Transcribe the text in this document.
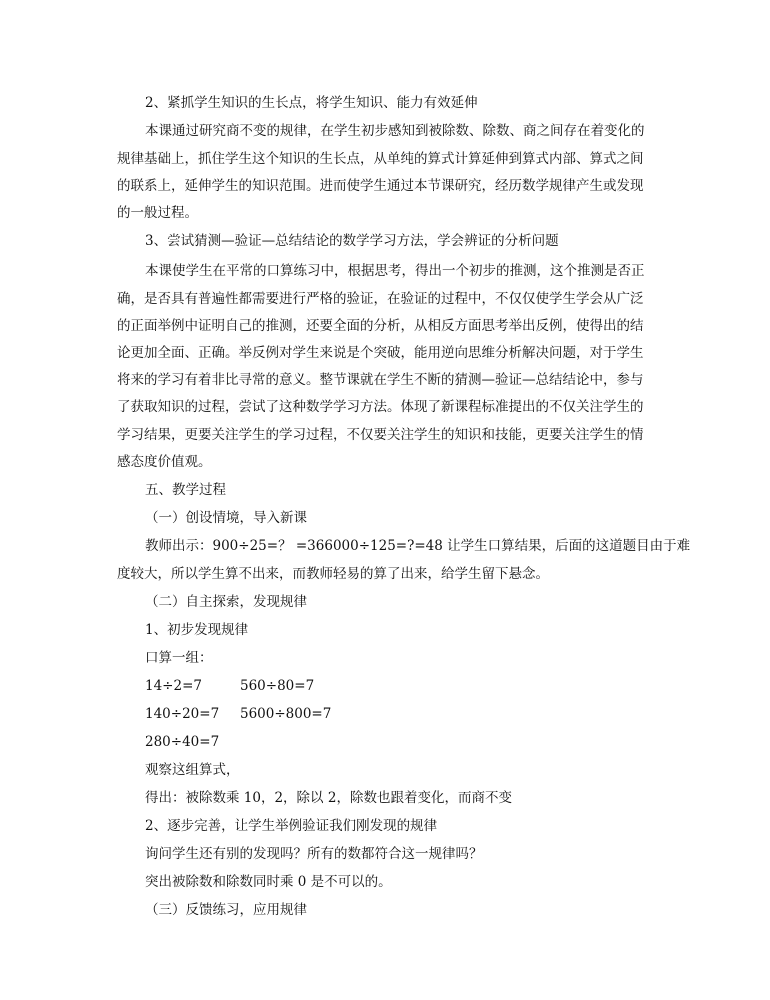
2、紧抓学生知识的生长点，将学生知识、能力有效延伸
本课通过研究商不变的规律，在学生初步感知到被除数、除数、商之间存在着变化的
规律基础上，抓住学生这个知识的生长点，从单纯的算式计算延伸到算式内部、算式之间
的联系上，延伸学生的知识范围。进而使学生通过本节课研究，经历数学规律产生或发现
的一般过程。
3、尝试猜测—验证—总结结论的数学学习方法，学会辨证的分析问题
本课使学生在平常的口算练习中，根据思考，得出一个初步的推测，这个推测是否正
确，是否具有普遍性都需要进行严格的验证，在验证的过程中，不仅仅使学生学会从广泛
的正面举例中证明自己的推测，还要全面的分析，从相反方面思考举出反例，使得出的结
论更加全面、正确。举反例对学生来说是个突破，能用逆向思维分析解决问题，对于学生
将来的学习有着非比寻常的意义。整节课就在学生不断的猜测—验证—总结结论中，参与
了获取知识的过程，尝试了这种数学学习方法。体现了新课程标准提出的不仅关注学生的
学习结果，更要关注学生的学习过程，不仅要关注学生的知识和技能，更要关注学生的情
感态度价值观。
五、教学过程
（一）创设情境，导入新课
教师出示：900÷25=？ =366000÷125=?=48 让学生口算结果，后面的这道题目由于难
度较大，所以学生算不出来，而教师轻易的算了出来，给学生留下悬念。
（二）自主探索，发现规律
1、初步发现规律
口算一组：
14÷2=7	560÷80=7
140÷20=7 5600÷800=7
280÷40=7
观察这组算式，
得出：被除数乘 10，2，除以 2，除数也跟着变化，而商不变
2、逐步完善，让学生举例验证我们刚发现的规律
询问学生还有别的发现吗？所有的数都符合这一规律吗？
突出被除数和除数同时乘 0 是不可以的。
（三）反馈练习，应用规律
